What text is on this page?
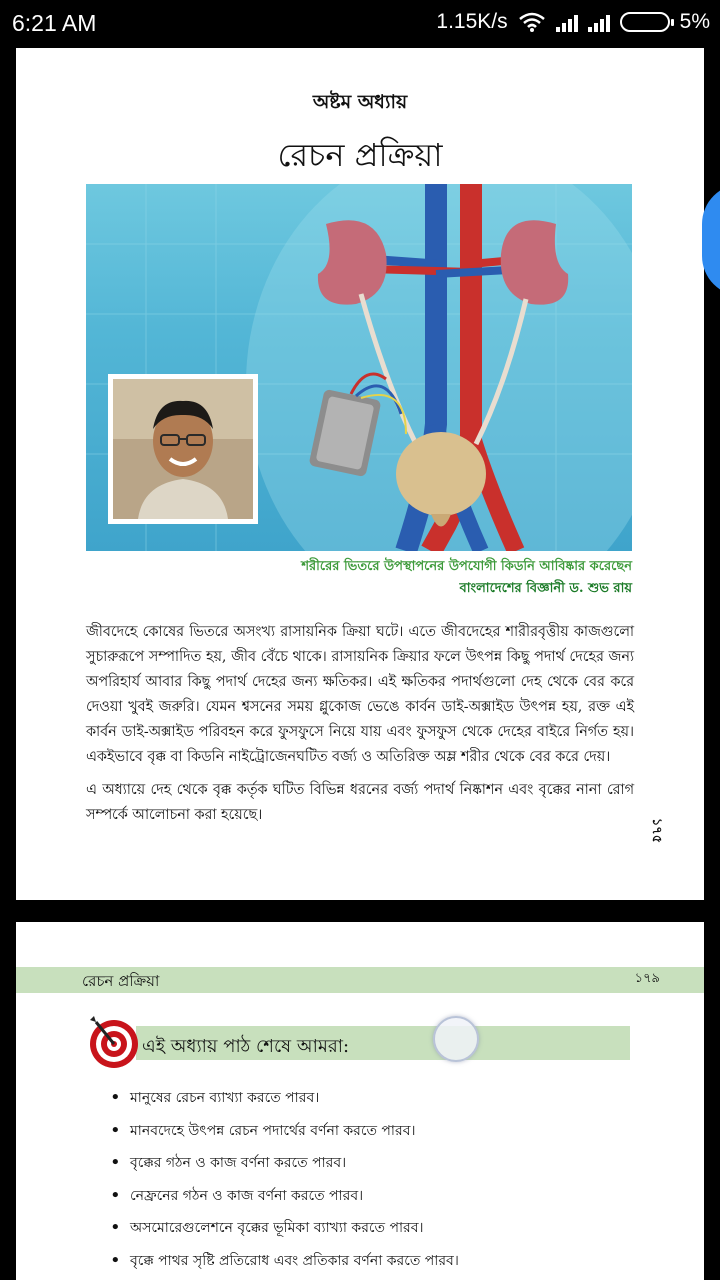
6:21 AM	1.15K/s	5%
অষ্টম অধ্যায়
রেচন প্রক্রিয়া
শরীরের ভিতরে উপস্থাপনের উপযোগী কিডনি আবিষ্কার করেছেন
বাংলাদেশের বিজ্ঞানী ড. শুভ রায়

জীবদেহে কোষের ভিতরে অসংখ্য রাসায়নিক ক্রিয়া ঘটে। এতে জীবদেহের শারীরবৃত্তীয় কাজগুলো সুচারুরূপে সম্পাদিত হয়, জীব বেঁচে থাকে। রাসায়নিক ক্রিয়ার ফলে উৎপন্ন কিছু পদার্থ দেহের জন্য অপরিহার্য আবার কিছু পদার্থ দেহের জন্য ক্ষতিকর। এই ক্ষতিকর পদার্থগুলো দেহ থেকে বের করে দেওয়া খুবই জরুরি। যেমন শ্বসনের সময় গ্লুকোজ ভেঙে কার্বন ডাই-অক্সাইড উৎপন্ন হয়, রক্ত এই কার্বন ডাই-অক্সাইড পরিবহন করে ফুসফুসে নিয়ে যায় এবং ফুসফুস থেকে দেহের বাইরে নির্গত হয়। একইভাবে বৃক্ক বা কিডনি নাইট্রোজেনঘটিত বর্জ্য ও অতিরিক্ত অম্ল শরীর থেকে বের করে দেয়।

এ অধ্যায়ে দেহ থেকে বৃক্ক কর্তৃক ঘটিত বিভিন্ন ধরনের বর্জ্য পদার্থ নিষ্কাশন এবং বৃক্কের নানা রোগ সম্পর্কে আলোচনা করা হয়েছে।

১৭৫
রেচন প্রক্রিয়া	১৭৯
এই অধ্যায় পাঠ শেষে আমরা:
• মানুষের রেচন ব্যাখ্যা করতে পারব।
• মানবদেহে উৎপন্ন রেচন পদার্থের বর্ণনা করতে পারব।
• বৃক্কের গঠন ও কাজ বর্ণনা করতে পারব।
• নেফ্রনের গঠন ও কাজ বর্ণনা করতে পারব।
• অসমোরেগুলেশনে বৃক্কের ভূমিকা ব্যাখ্যা করতে পারব।
• বৃক্কে পাথর সৃষ্টি প্রতিরোধ এবং প্রতিকার বর্ণনা করতে পারব।
